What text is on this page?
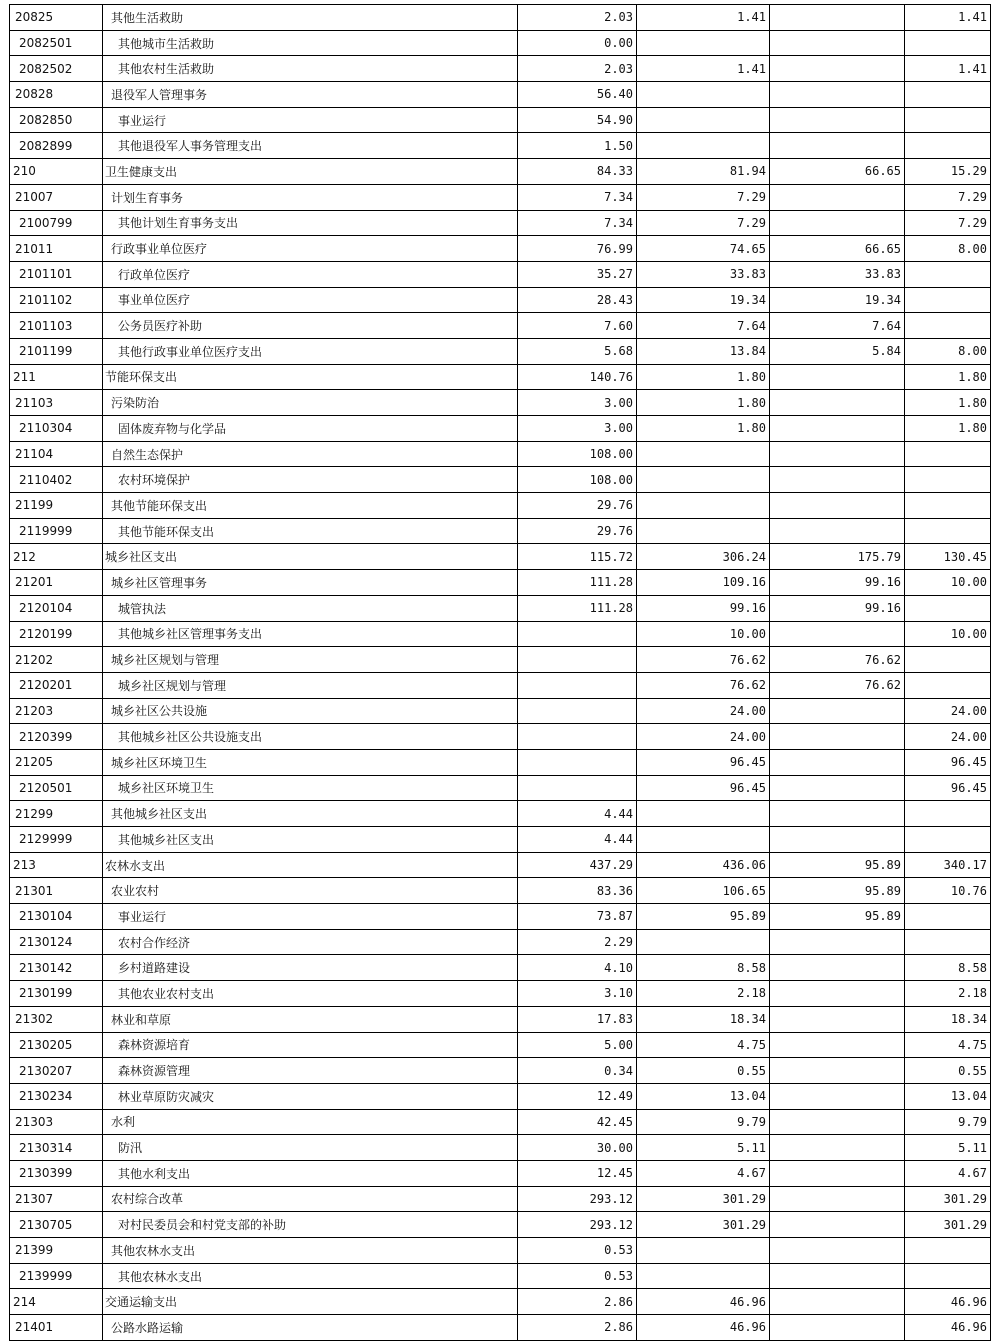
20825	其他生活救助	2.03	1.41		1.41
2082501	其他城市生活救助	0.00			
2082502	其他农村生活救助	2.03	1.41		1.41
20828	退役军人管理事务	56.40			
2082850	事业运行	54.90			
2082899	其他退役军人事务管理支出	1.50			
210	卫生健康支出	84.33	81.94	66.65	15.29
21007	计划生育事务	7.34	7.29		7.29
2100799	其他计划生育事务支出	7.34	7.29		7.29
21011	行政事业单位医疗	76.99	74.65	66.65	8.00
2101101	行政单位医疗	35.27	33.83	33.83	
2101102	事业单位医疗	28.43	19.34	19.34	
2101103	公务员医疗补助	7.60	7.64	7.64	
2101199	其他行政事业单位医疗支出	5.68	13.84	5.84	8.00
211	节能环保支出	140.76	1.80		1.80
21103	污染防治	3.00	1.80		1.80
2110304	固体废弃物与化学品	3.00	1.80		1.80
21104	自然生态保护	108.00			
2110402	农村环境保护	108.00			
21199	其他节能环保支出	29.76			
2119999	其他节能环保支出	29.76			
212	城乡社区支出	115.72	306.24	175.79	130.45
21201	城乡社区管理事务	111.28	109.16	99.16	10.00
2120104	城管执法	111.28	99.16	99.16	
2120199	其他城乡社区管理事务支出		10.00		10.00
21202	城乡社区规划与管理		76.62	76.62	
2120201	城乡社区规划与管理		76.62	76.62	
21203	城乡社区公共设施		24.00		24.00
2120399	其他城乡社区公共设施支出		24.00		24.00
21205	城乡社区环境卫生		96.45		96.45
2120501	城乡社区环境卫生		96.45		96.45
21299	其他城乡社区支出	4.44			
2129999	其他城乡社区支出	4.44			
213	农林水支出	437.29	436.06	95.89	340.17
21301	农业农村	83.36	106.65	95.89	10.76
2130104	事业运行	73.87	95.89	95.89	
2130124	农村合作经济	2.29			
2130142	乡村道路建设	4.10	8.58		8.58
2130199	其他农业农村支出	3.10	2.18		2.18
21302	林业和草原	17.83	18.34		18.34
2130205	森林资源培育	5.00	4.75		4.75
2130207	森林资源管理	0.34	0.55		0.55
2130234	林业草原防灾减灾	12.49	13.04		13.04
21303	水利	42.45	9.79		9.79
2130314	防汛	30.00	5.11		5.11
2130399	其他水利支出	12.45	4.67		4.67
21307	农村综合改革	293.12	301.29		301.29
2130705	对村民委员会和村党支部的补助	293.12	301.29		301.29
21399	其他农林水支出	0.53			
2139999	其他农林水支出	0.53			
214	交通运输支出	2.86	46.96		46.96
21401	公路水路运输	2.86	46.96		46.96
